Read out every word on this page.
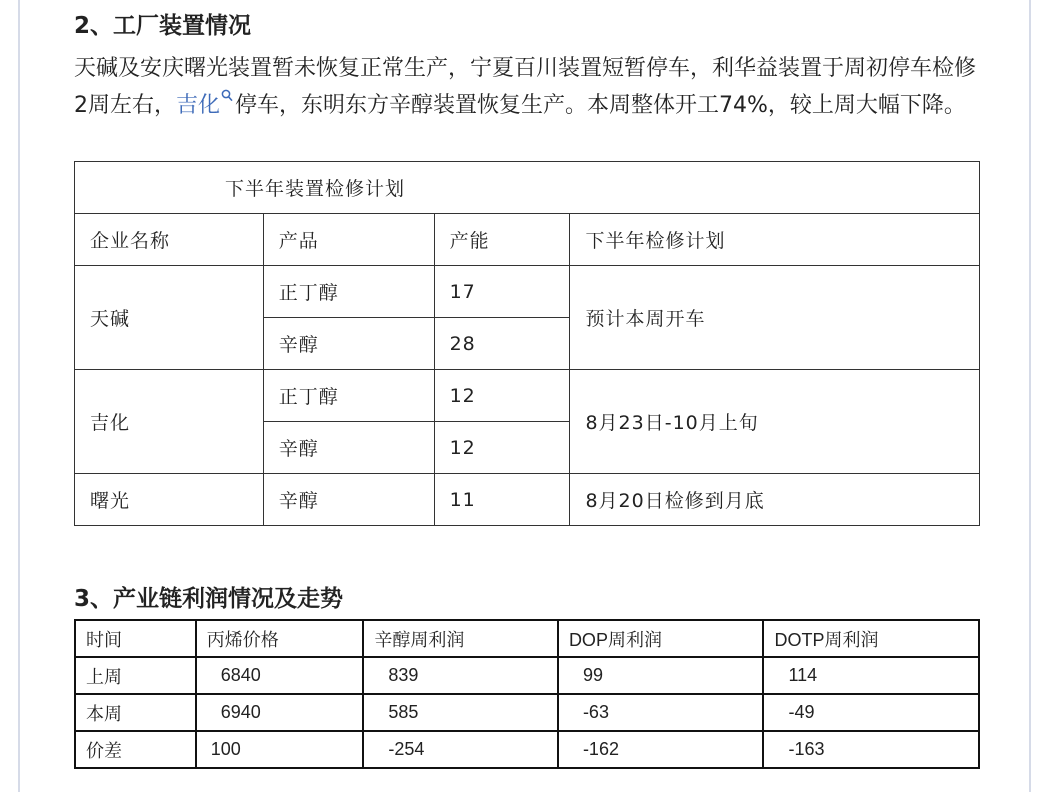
2、工厂装置情况

天碱及安庆曙光装置暂未恢复正常生产，宁夏百川装置短暂停车，利华益装置于周初停车检修2周左右，吉化 停车，东明东方辛醇装置恢复生产。本周整体开工74%，较上周大幅下降。

下半年装置检修计划			
企业名称	产品	产能	下半年检修计划
天碱	正丁醇	17	预计本周开车
	辛醇	28	
吉化	正丁醇	12	8月23日-10月上旬
	辛醇	12	
曙光	辛醇	11	8月20日检修到月底
3、产业链利润情况及走势
时间	丙烯价格	辛醇周利润	DOP周利润	DOTP周利润
上周	6840	839	99	114
本周	6940	585	-63	-49
价差	100	-254	-162	-163
